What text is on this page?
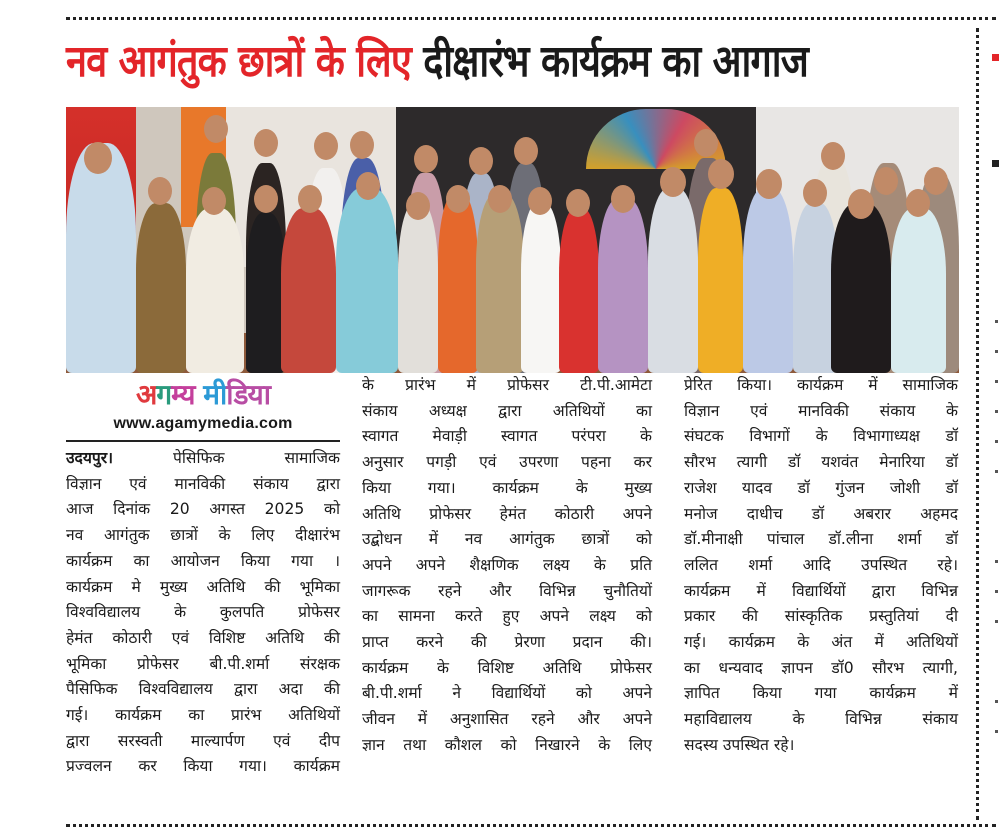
नव आगंतुक छात्रों के लिए दीक्षारंभ कार्यक्रम का आगाज
अगम्य मीडिया
www.agamymedia.com

उदयपुर। पेसिफिक सामाजिक

विज्ञान एवं मानविकी संकाय द्वारा

आज दिनांक 20 अगस्त 2025 को

नव आगंतुक छात्रों के लिए दीक्षारंभ

कार्यक्रम का आयोजन किया गया ।

कार्यक्रम मे मुख्य अतिथि की भूमिका

विश्वविद्यालय के कुलपति प्रोफेसर

हेमंत कोठारी एवं विशिष्ट अतिथि की

भूमिका प्रोफेसर बी.पी.शर्मा संरक्षक

पैसिफिक विश्वविद्यालय द्वारा अदा की

गई। कार्यक्रम का प्रारंभ अतिथियों

द्वारा सरस्वती माल्यार्पण एवं दीप

प्रज्वलन कर किया गया। कार्यक्रम

के प्रारंभ में प्रोफेसर टी.पी.आमेटा

संकाय अध्यक्ष द्वारा अतिथियों का

स्वागत मेवाड़ी स्वागत परंपरा के

अनुसार पगड़ी एवं उपरणा पहना कर

किया गया। कार्यक्रम के मुख्य

अतिथि प्रोफेसर हेमंत कोठारी अपने

उद्बोधन में नव आगंतुक छात्रों को

अपने अपने शैक्षणिक लक्ष्य के प्रति

जागरूक रहने और विभिन्न चुनौतियों

का सामना करते हुए अपने लक्ष्य को

प्राप्त करने की प्रेरणा प्रदान की।

कार्यक्रम के विशिष्ट अतिथि प्रोफेसर

बी.पी.शर्मा ने विद्यार्थियों को अपने

जीवन में अनुशासित रहने और अपने

ज्ञान तथा कौशल को निखारने के लिए

प्रेरित किया। कार्यक्रम में सामाजिक

विज्ञान एवं मानविकी संकाय के

संघटक विभागों के विभागाध्यक्ष डॉ

सौरभ त्यागी डॉ यशवंत मेनारिया डॉ

राजेश यादव डॉ गुंजन जोशी डॉ

मनोज दाधीच डॉ अबरार अहमद

डॉ.मीनाक्षी पांचाल डॉ.लीना शर्मा डॉ

ललित शर्मा आदि उपस्थित रहे।

कार्यक्रम में विद्यार्थियों द्वारा विभिन्न

प्रकार की सांस्कृतिक प्रस्तुतियां दी

गई। कार्यक्रम के अंत में अतिथियों

का धन्यवाद ज्ञापन डॉ0 सौरभ त्यागी,

ज्ञापित किया गया कार्यक्रम में

महाविद्यालय के विभिन्न संकाय

सदस्य उपस्थित रहे।
